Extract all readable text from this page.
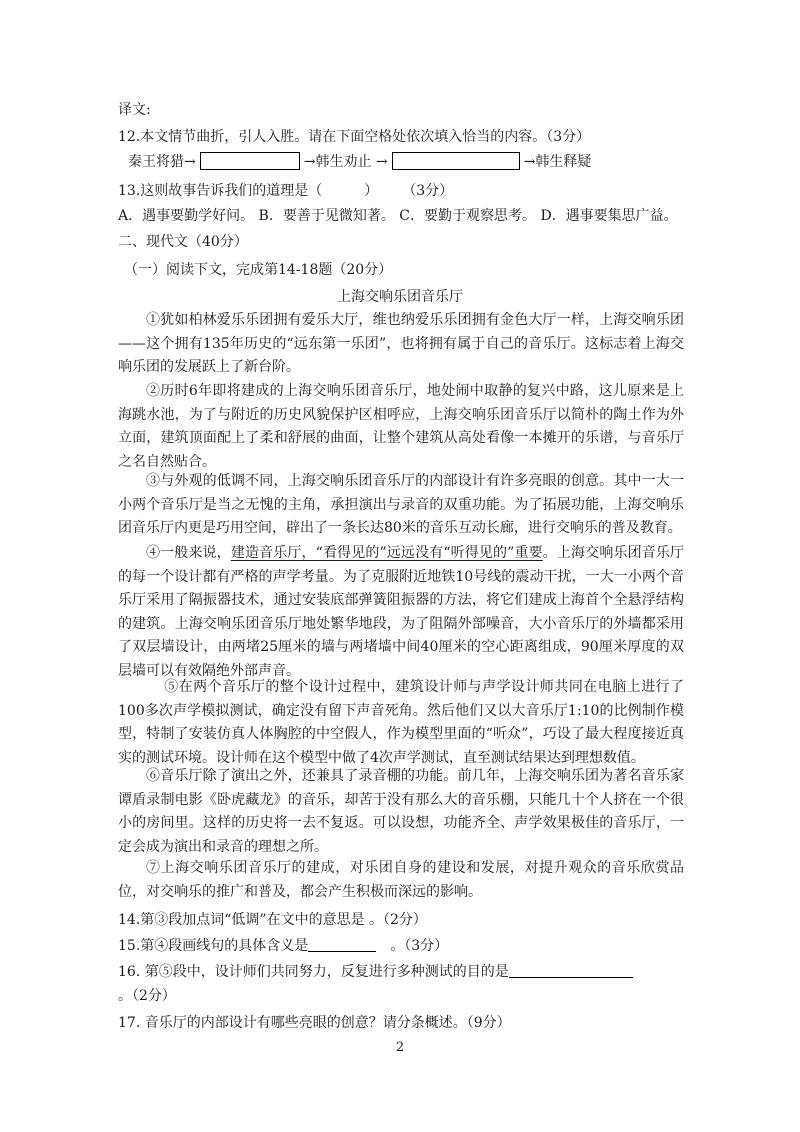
译文:
12.本文情节曲折，引人入胜。请在下面空格处依次填入恰当的内容。（3分）
秦王将猎→	→韩生劝止 →	→韩生释疑
13.这则故事告诉我们的道理是（	） （3分）
A．遇事要勤学好问。 B．要善于见微知著。 C．要勤于观察思考。 D．遇事要集思广益。
二、现代文（40分）
（一）阅读下文，完成第14-18题（20分）
上海交响乐团音乐厅
①犹如柏林爱乐乐团拥有爱乐大厅，维也纳爱乐乐团拥有金色大厅一样，上海交响乐团——这个拥有135年历史的“远东第一乐团”，也将拥有属于自己的音乐厅。这标志着上海交响乐团的发展跃上了新台阶。
②历时6年即将建成的上海交响乐团音乐厅，地处闹中取静的复兴中路，这儿原来是上海跳水池，为了与附近的历史风貌保护区相呼应，上海交响乐团音乐厅以简朴的陶土作为外立面，建筑顶面配上了柔和舒展的曲面，让整个建筑从高处看像一本摊开的乐谱，与音乐厅之名自然贴合。
③与外观的低调不同，上海交响乐团音乐厅的内部设计有许多亮眼的创意。其中一大一小两个音乐厅是当之无愧的主角，承担演出与录音的双重功能。为了拓展功能，上海交响乐团音乐厅内更是巧用空间，辟出了一条长达80米的音乐互动长廊，进行交响乐的普及教育。
④一般来说，建造音乐厅，“看得见的”远远没有“听得见的”重要。上海交响乐团音乐厅的每一个设计都有严格的声学考量。为了克服附近地铁10号线的震动干扰，一大一小两个音乐厅采用了隔振器技术，通过安装底部弹簧阻振器的方法，将它们建成上海首个全悬浮结构的建筑。上海交响乐团音乐厅地处繁华地段，为了阻隔外部噪音，大小音乐厅的外墙都采用了双层墙设计，由两堵25厘米的墙与两堵墙中间40厘米的空心距离组成，90厘米厚度的双层墙可以有效隔绝外部声音。
⑤在两个音乐厅的整个设计过程中，建筑设计师与声学设计师共同在电脑上进行了100多次声学模拟测试，确定没有留下声音死角。然后他们又以大音乐厅1:10的比例制作模型，特制了安装仿真人体胸腔的中空假人，作为模型里面的“听众”，巧设了最大程度接近真实的测试环境。设计师在这个模型中做了4次声学测试，直至测试结果达到理想数值。
⑥音乐厅除了演出之外，还兼具了录音棚的功能。前几年，上海交响乐团为著名音乐家谭盾录制电影《卧虎藏龙》的音乐，却苦于没有那么大的音乐棚，只能几十个人挤在一个很小的房间里。这样的历史将一去不复返。可以设想，功能齐全、声学效果极佳的音乐厅，一定会成为演出和录音的理想之所。
⑦上海交响乐团音乐厅的建成，对乐团自身的建设和发展，对提升观众的音乐欣赏品位，对交响乐的推广和普及，都会产生积极而深远的影响。
14.第③段加点词“低调”在文中的意思是 。（2分）
15.第④段画线句的具体含义是	。（3分）
16. 第⑤段中，设计师们共同努力，反复进行多种测试的目的是
。（2分）
17. 音乐厅的内部设计有哪些亮眼的创意？请分条概述。（9分）
2
